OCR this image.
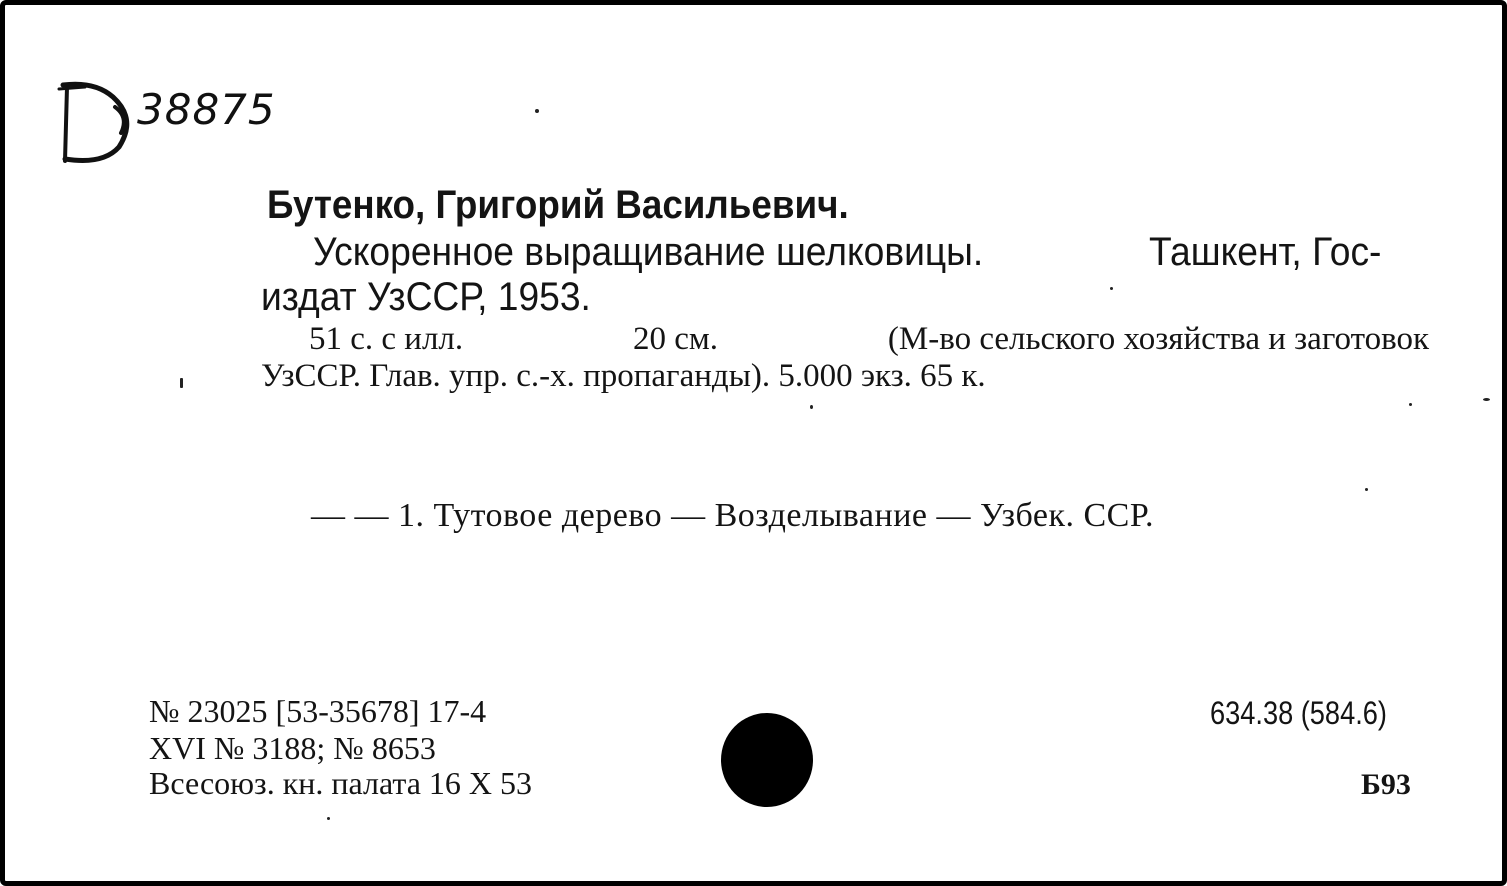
38875
Бутенко, Григорий Васильевич.
Ускоренное выращивание шелковицы.	Ташкент, Гос-
издат УзССР, 1953.
51 с. с илл.	20 см.	(М-во сельского хозяйства и заготовок
УзССР. Глав. упр. с.-х. пропаганды). 5.000 экз. 65 к.
— — 1. Тутовое дерево — Возделывание — Узбек. ССР.
№ 23025 [53-35678] 17-4
XVI № 3188; № 8653
Всесоюз. кн. палата 16 X 53
634.38 (584.6)
Б93
